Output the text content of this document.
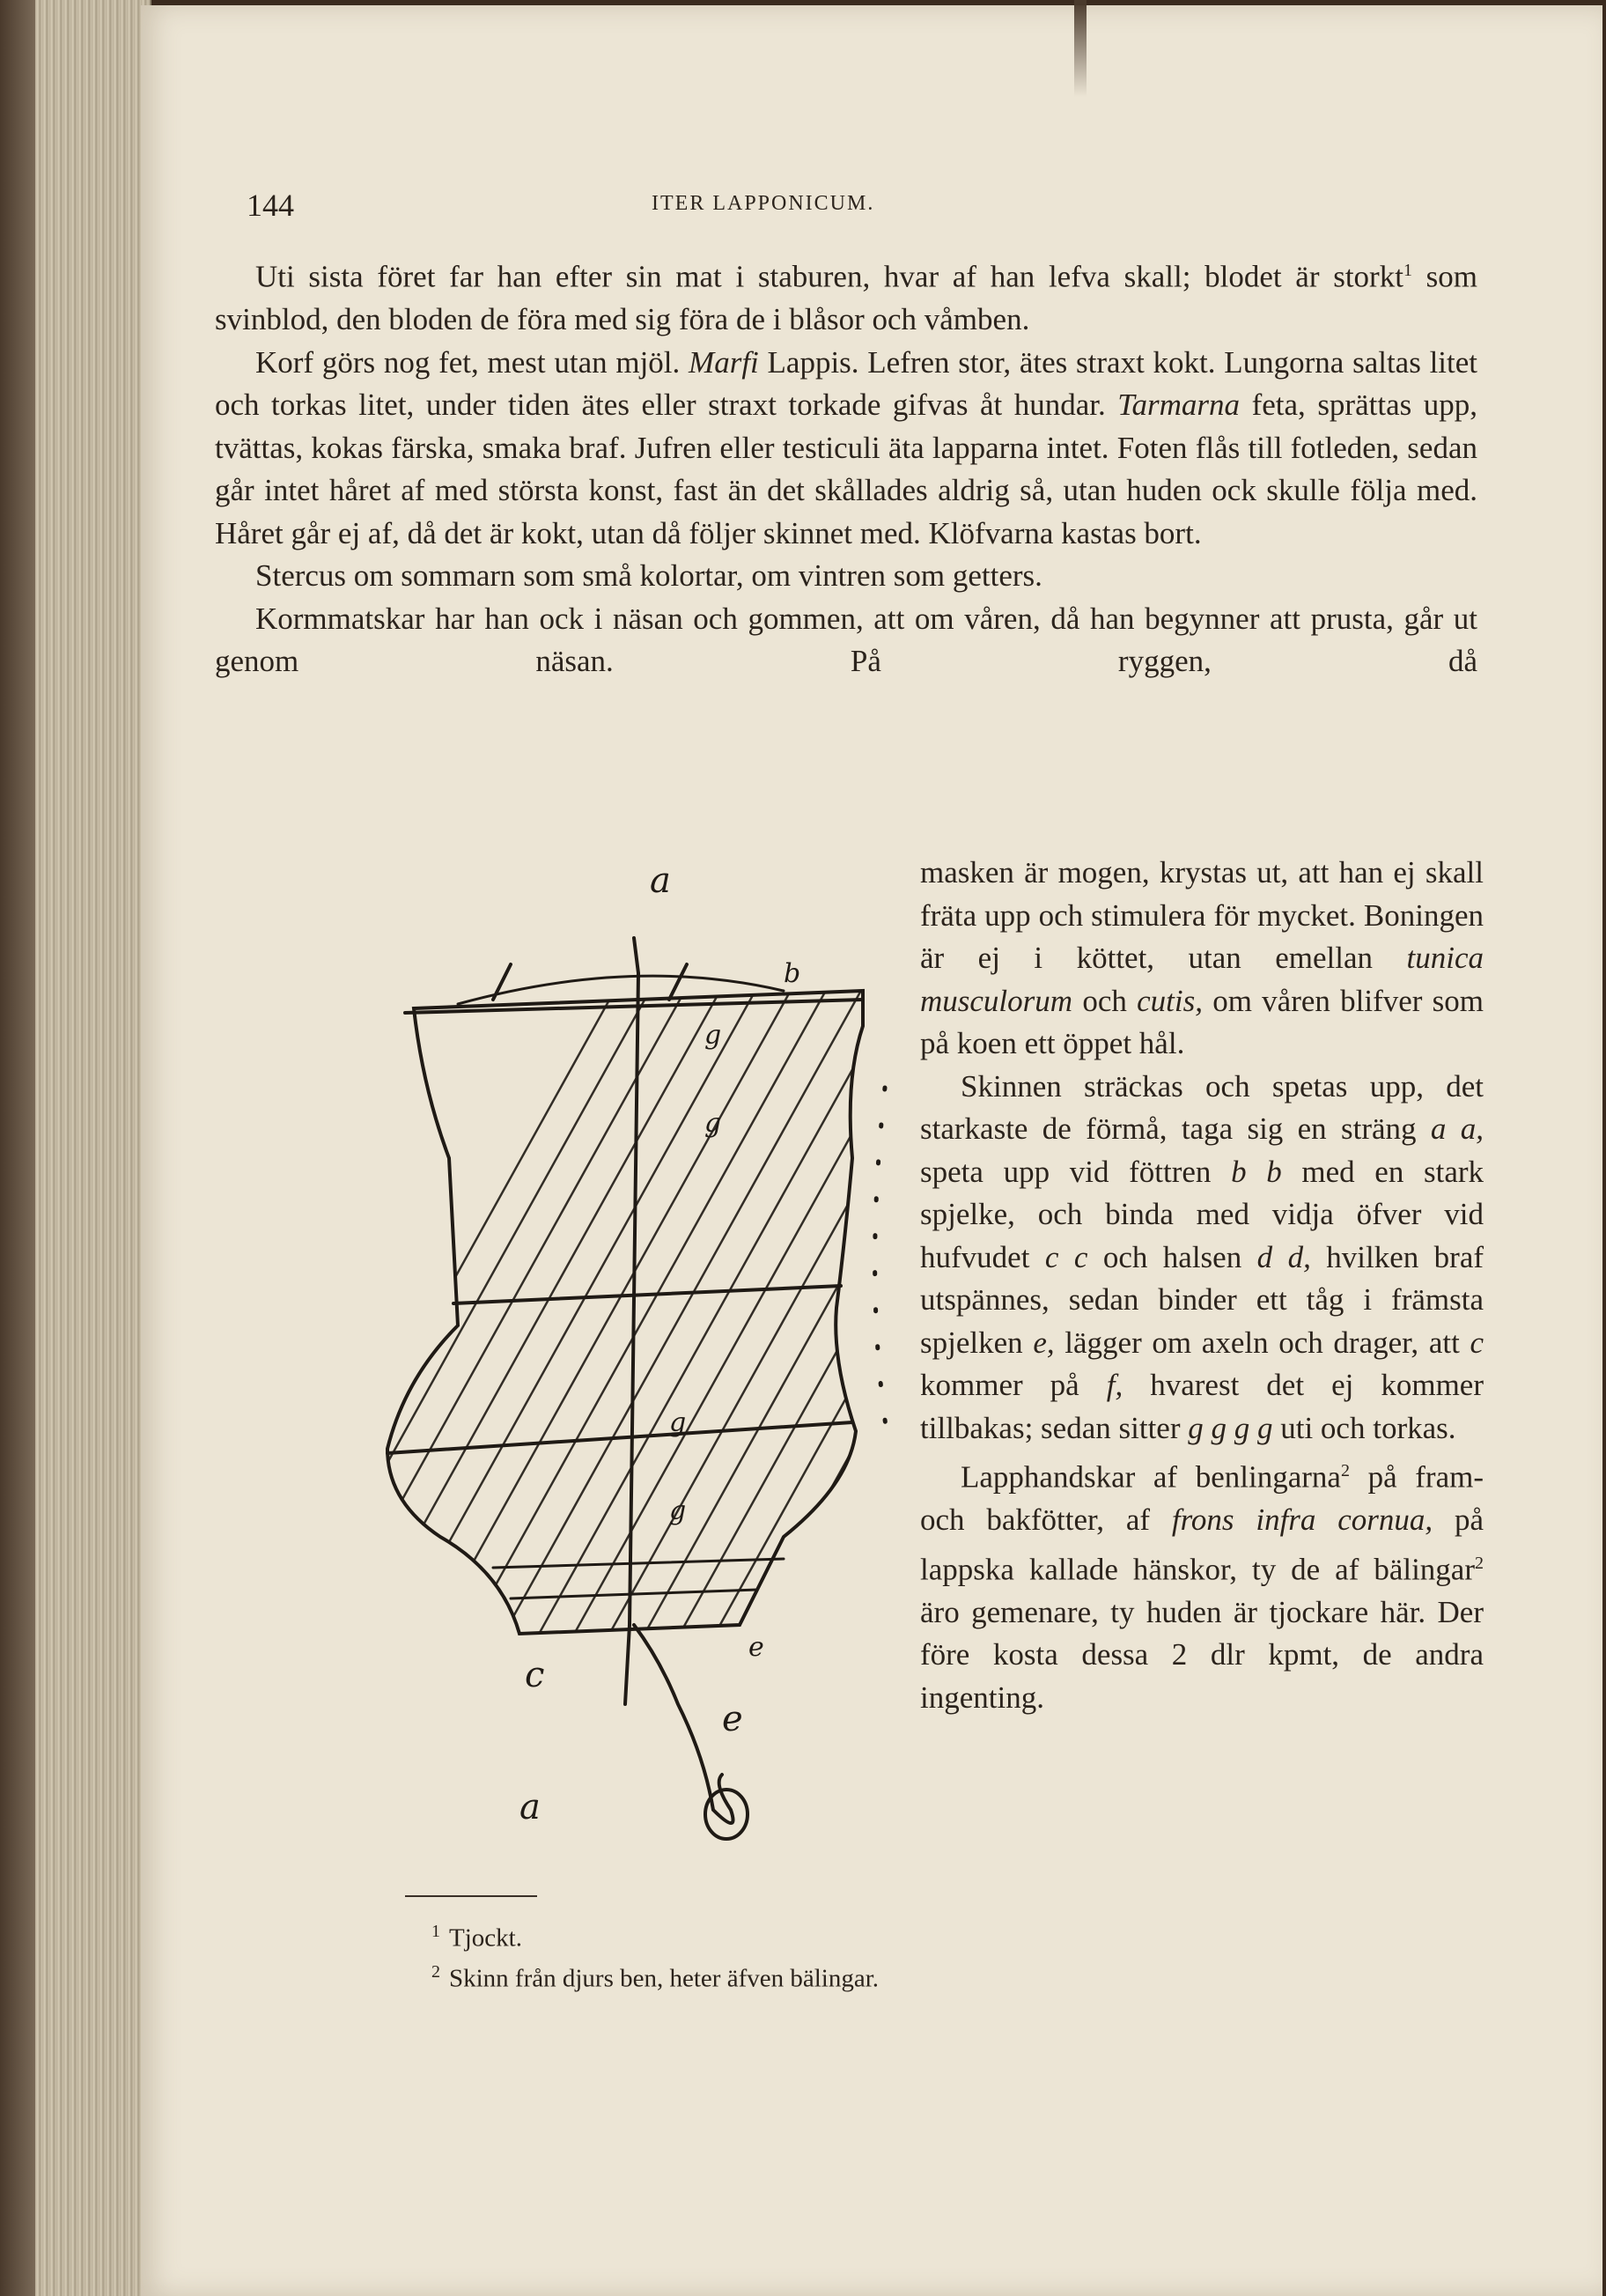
144	ITER LAPPONICUM.

Uti sista föret far han efter sin mat i staburen, hvar af han lefva skall; blodet är storkt$^1$ som svinblod, den bloden de föra med sig föra de i blåsor och våmben.

Korf görs nog fet, mest utan mjöl. Marfi Lappis. Lefren stor, ätes straxt kokt. Lungorna saltas litet och torkas litet, under tiden ätes eller straxt torkade gifvas åt hundar. Tarmarna feta, sprättas upp, tvättas, kokas färska, smaka braf. Jufren eller testiculi äta lapparna intet. Foten flås till fotleden, sedan går intet håret af med största konst, fast än det skållades aldrig så, utan huden ock skulle följa med. Håret går ej af, då det är kokt, utan då följer skinnet med. Klöfvarna kastas bort.

Stercus om sommarn som små kolortar, om vintren som getters.

Kormmatskar har han ock i näsan och gommen, att om våren, då han begynner att prusta, går ut genom näsan. På ryggen, då

masken är mogen, krystas ut, att han ej skall fräta upp och stimulera för mycket. Boningen är ej i köttet, utan emellan tunica musculorum och cutis, om våren blifver som på koen ett öppet hål.

Skinnen sträckas och spetas upp, det starkaste de förmå, taga sig en sträng a a, speta upp vid föttren b b med en stark spjelke, och binda med vidja öfver vid hufvudet c c och halsen d d, hvilken braf utspännes, sedan binder ett tåg i främsta spjelken e, lägger om axeln och drager, att c kommer på f, hvarest det ej kommer tillbakas; sedan sitter g g g g uti och torkas.

Lapphandskar af benlingarna$^2$ på fram- och bakfötter, af frons infra cornua, på lappska kallade hänskor, ty de af bälingar$^2$ äro gemenare, ty huden är tjockare här. Der före kosta dessa 2 dlr kpmt, de andra ingenting.

a
a
c
e
e
g
g
g
g
b
$^1$ Tjockt.
$^2$ Skinn från djurs ben, heter äfven bälingar.
